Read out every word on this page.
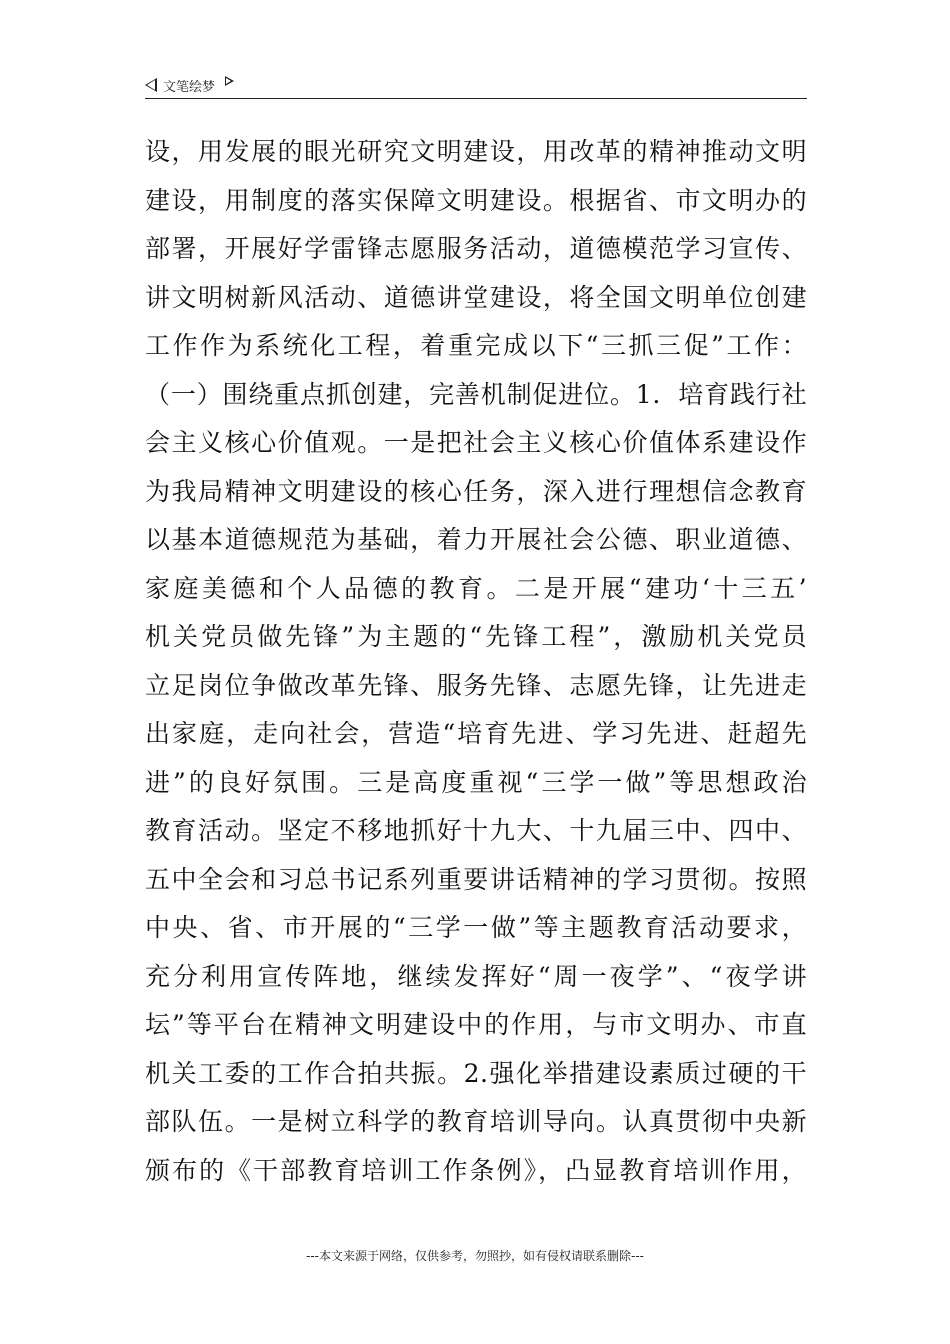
文笔绘梦
设，用发展的眼光研究文明建设，用改革的精神推动文明
建设，用制度的落实保障文明建设。根据省、市文明办的
部署，开展好学雷锋志愿服务活动，道德模范学习宣传、
讲文明树新风活动、道德讲堂建设，将全国文明单位创建
工作作为系统化工程，着重完成以下“三抓三促”工作：
（一）围绕重点抓创建，完善机制促进位。1．培育践行社
会主义核心价值观。一是把社会主义核心价值体系建设作
为我局精神文明建设的核心任务，深入进行理想信念教育
以基本道德规范为基础，着力开展社会公德、职业道德、
家庭美德和个人品德的教育。二是开展“建功‘十三五’
机关党员做先锋”为主题的“先锋工程”，激励机关党员
立足岗位争做改革先锋、服务先锋、志愿先锋，让先进走
出家庭，走向社会，营造“培育先进、学习先进、赶超先
进”的良好氛围。三是高度重视“三学一做”等思想政治
教育活动。坚定不移地抓好十九大、十九届三中、四中、
五中全会和习总书记系列重要讲话精神的学习贯彻。按照
中央、省、市开展的“三学一做”等主题教育活动要求，
充分利用宣传阵地，继续发挥好“周一夜学”、“夜学讲
坛”等平台在精神文明建设中的作用，与市文明办、市直
机关工委的工作合拍共振。2.强化举措建设素质过硬的干
部队伍。一是树立科学的教育培训导向。认真贯彻中央新
颁布的《干部教育培训工作条例》，凸显教育培训作用，
---本文来源于网络，仅供参考，勿照抄，如有侵权请联系删除---
